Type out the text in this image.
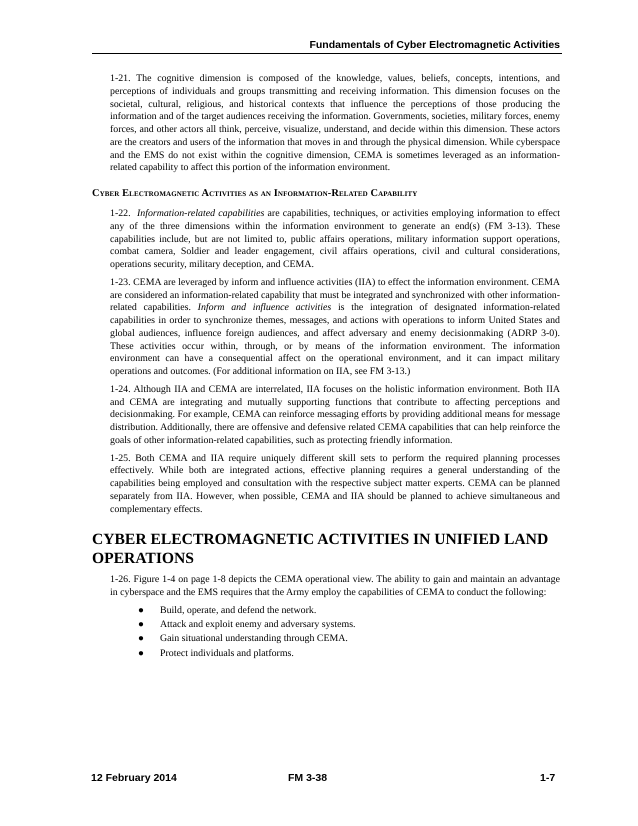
Fundamentals of Cyber Electromagnetic Activities

1-21. The cognitive dimension is composed of the knowledge, values, beliefs, concepts, intentions, and perceptions of individuals and groups transmitting and receiving information. This dimension focuses on the societal, cultural, religious, and historical contexts that influence the perceptions of those producing the information and of the target audiences receiving the information. Governments, societies, military forces, enemy forces, and other actors all think, perceive, visualize, understand, and decide within this dimension. These actors are the creators and users of the information that moves in and through the physical dimension. While cyberspace and the EMS do not exist within the cognitive dimension, CEMA is sometimes leveraged as an information-related capability to affect this portion of the information environment.

Cyber Electromagnetic Activities as an Information-Related Capability

1-22. Information-related capabilities are capabilities, techniques, or activities employing information to effect any of the three dimensions within the information environment to generate an end(s) (FM 3-13). These capabilities include, but are not limited to, public affairs operations, military information support operations, combat camera, Soldier and leader engagement, civil affairs operations, civil and cultural considerations, operations security, military deception, and CEMA.

1-23. CEMA are leveraged by inform and influence activities (IIA) to effect the information environment. CEMA are considered an information-related capability that must be integrated and synchronized with other information-related capabilities. Inform and influence activities is the integration of designated information-related capabilities in order to synchronize themes, messages, and actions with operations to inform United States and global audiences, influence foreign audiences, and affect adversary and enemy decisionmaking (ADRP 3-0). These activities occur within, through, or by means of the information environment. The information environment can have a consequential affect on the operational environment, and it can impact military operations and outcomes. (For additional information on IIA, see FM 3-13.)

1-24. Although IIA and CEMA are interrelated, IIA focuses on the holistic information environment. Both IIA and CEMA are integrating and mutually supporting functions that contribute to affecting perceptions and decisionmaking. For example, CEMA can reinforce messaging efforts by providing additional means for message distribution. Additionally, there are offensive and defensive related CEMA capabilities that can help reinforce the goals of other information-related capabilities, such as protecting friendly information.

1-25. Both CEMA and IIA require uniquely different skill sets to perform the required planning processes effectively. While both are integrated actions, effective planning requires a general understanding of the capabilities being employed and consultation with the respective subject matter experts. CEMA can be planned separately from IIA. However, when possible, CEMA and IIA should be planned to achieve simultaneous and complementary effects.

CYBER ELECTROMAGNETIC ACTIVITIES IN UNIFIED LAND OPERATIONS

1-26. Figure 1-4 on page 1-8 depicts the CEMA operational view. The ability to gain and maintain an advantage in cyberspace and the EMS requires that the Army employ the capabilities of CEMA to conduct the following:

● Build, operate, and defend the network.
● Attack and exploit enemy and adversary systems.
● Gain situational understanding through CEMA.
● Protect individuals and platforms.
12 February 2014	FM 3-38	1-7
